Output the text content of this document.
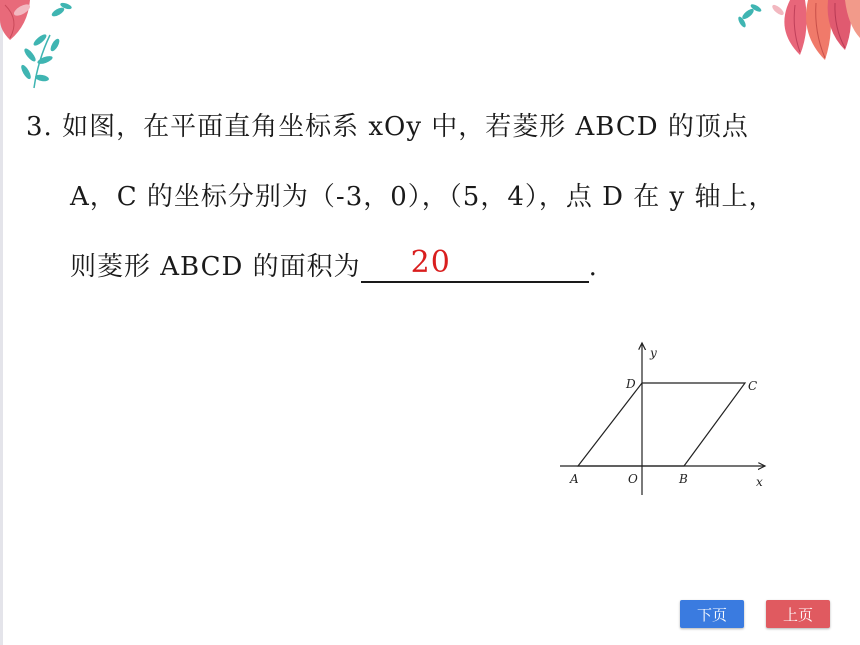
3. 如图，在平面直角坐标系 xOy 中，若菱形 ABCD 的顶点
A，C 的坐标分别为（-3，0），（5，4），点 D 在 y 轴上，
则菱形 ABCD 的面积为 20	.
y
x
D	C
A	O	B
下页	上页
